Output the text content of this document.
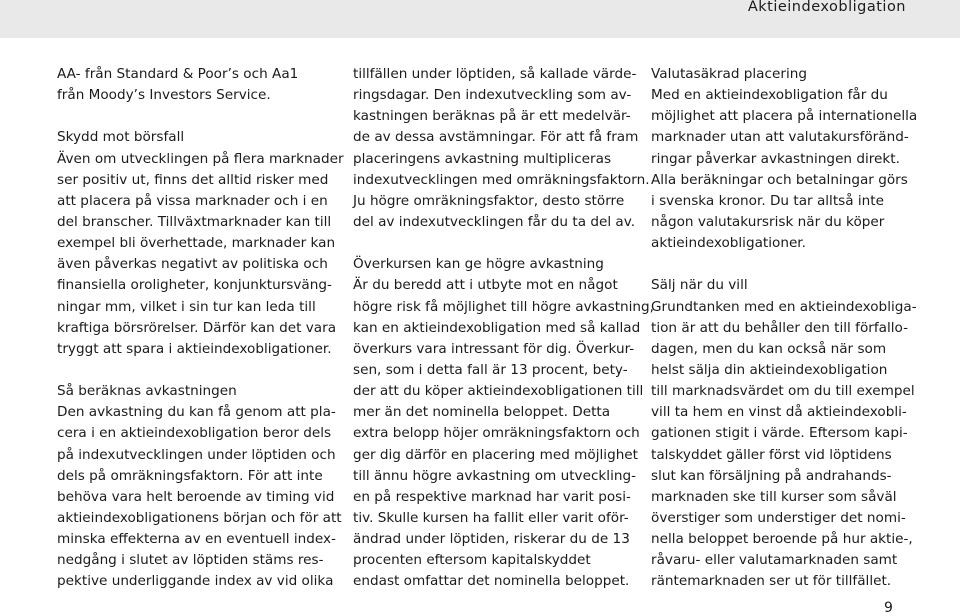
Aktieindexobligation
AA- från Standard & Poor’s och Aa1
från Moody’s Investors Service.
Skydd mot börsfall
Även om utvecklingen på flera marknader
ser positiv ut, finns det alltid risker med
att placera på vissa marknader och i en
del branscher. Tillväxtmarknader kan till
exempel bli överhettade, marknader kan
även påverkas negativt av politiska och
finansiella oroligheter, konjunktursväng-
ningar mm, vilket i sin tur kan leda till
kraftiga börsrörelser. Därför kan det vara
tryggt att spara i aktieindexobligationer.
Så beräknas avkastningen
Den avkastning du kan få genom att pla-
cera i en aktieindexobligation beror dels
på indexutvecklingen under löptiden och
dels på omräkningsfaktorn. För att inte
behöva vara helt beroende av timing vid
aktieindexobligationens början och för att
minska effekterna av en eventuell index-
nedgång i slutet av löptiden stäms res-
pektive underliggande index av vid olika
tillfällen under löptiden, så kallade värde-
ringsdagar. Den indexutveckling som av-
kastningen beräknas på är ett medelvär-
de av dessa avstämningar. För att få fram
placeringens avkastning multipliceras
indexutvecklingen med omräkningsfaktorn.
Ju högre omräkningsfaktor, desto större
del av indexutvecklingen får du ta del av.
Överkursen kan ge högre avkastning
Är du beredd att i utbyte mot en något
högre risk få möjlighet till högre avkastning,
kan en aktieindexobligation med så kallad
överkurs vara intressant för dig. Överkur-
sen, som i detta fall är 13 procent, bety-
der att du köper aktieindexobligationen till
mer än det nominella beloppet. Detta
extra belopp höjer omräkningsfaktorn och
ger dig därför en placering med möjlighet
till ännu högre avkastning om utveckling-
en på respektive marknad har varit posi-
tiv. Skulle kursen ha fallit eller varit oför-
ändrad under löptiden, riskerar du de 13
procenten eftersom kapitalskyddet
endast omfattar det nominella beloppet.
Valutasäkrad placering
Med en aktieindexobligation får du
möjlighet att placera på internationella
marknader utan att valutakursföränd-
ringar påverkar avkastningen direkt.
Alla beräkningar och betalningar görs
i svenska kronor. Du tar alltså inte
någon valutakursrisk när du köper
aktieindexobligationer.
Sälj när du vill
Grundtanken med en aktieindexobliga-
tion är att du behåller den till förfallo-
dagen, men du kan också när som
helst sälja din aktieindexobligation
till marknadsvärdet om du till exempel
vill ta hem en vinst då aktieindexobli-
gationen stigit i värde. Eftersom kapi-
talskyddet gäller först vid löptidens
slut kan försäljning på andrahands-
marknaden ske till kurser som såväl
överstiger som understiger det nomi-
nella beloppet beroende på hur aktie-,
råvaru- eller valutamarknaden samt
räntemarknaden ser ut för tillfället.
9
